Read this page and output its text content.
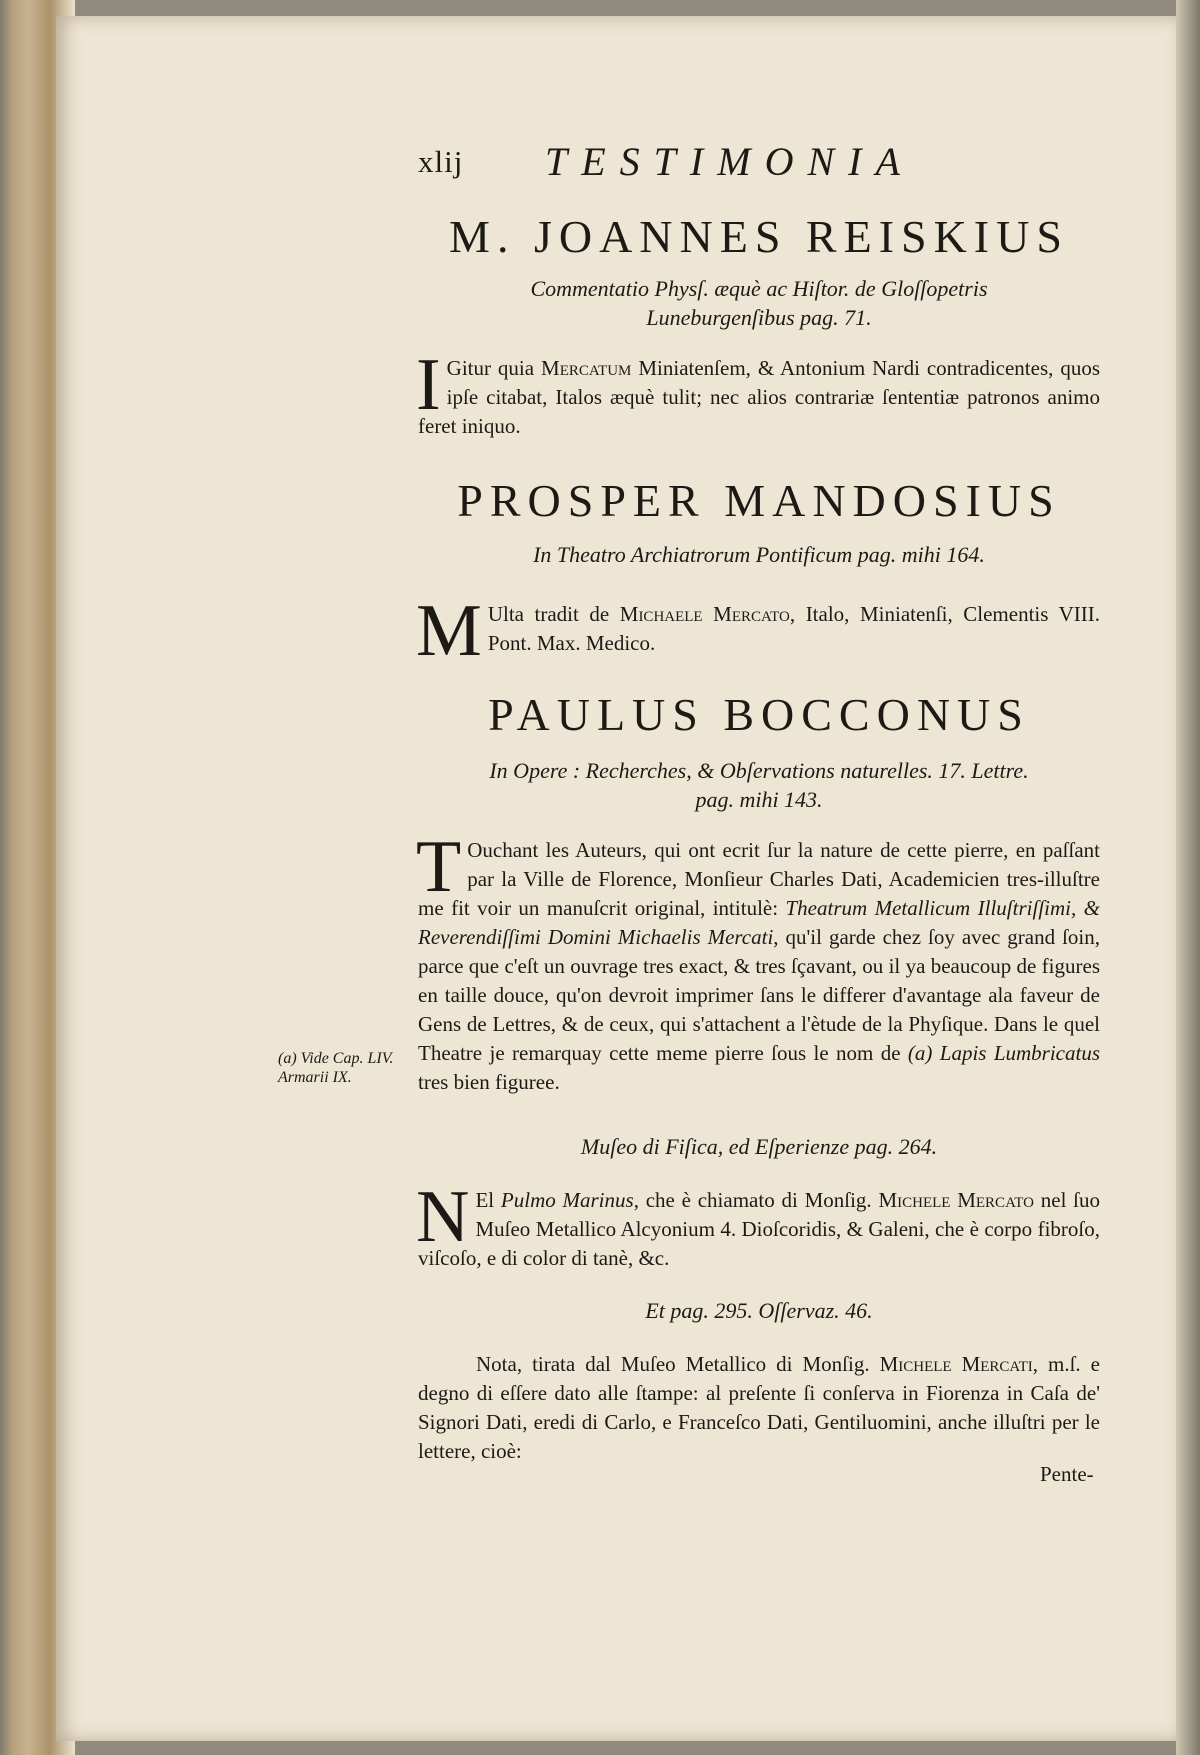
xlij TESTIMONIA
M. JOANNES REISKIUS
Commentatio Physſ. æquè ac Hiſtor. de Gloſſopetris
Luneburgenſibus pag. 71.
I Gitur quia Mercatum Miniatenſem, & Antonium Nardi contradicentes, quos ipſe citabat, Italos æquè tulit; nec alios contrariæ ſententiæ patronos animo feret iniquo.
PROSPER MANDOSIUS
In Theatro Archiatrorum Pontificum pag. mihi 164.
M Ulta tradit de Michaele Mercato, Italo, Miniatenſi, Clementis VIII. Pont. Max. Medico.
PAULUS BOCCONUS
In Opere : Recherches, & Obſervations naturelles. 17. Lettre.
pag. mihi 143.
T Ouchant les Auteurs, qui ont ecrit ſur la nature de cette pierre, en paſſant par la Ville de Florence, Monſieur Charles Dati, Academicien tres-illuſtre me fit voir un manuſcrit original, intitulè: Theatrum Metallicum Illuſtriſſimi, & Reverendiſſimi Domini Michaelis Mercati, qu'il garde chez ſoy avec grand ſoin, parce que c'eſt un ouvrage tres exact, & tres ſçavant, ou il ya beaucoup de figures en taille douce, qu'on devroit imprimer ſans le differer d'avantage ala faveur de Gens de Lettres, & de ceux, qui s'attachent a l'ètude de la Phyſique. Dans le quel Theatre je remarquay cette meme pierre ſous le nom de (a) Lapis Lumbricatus tres bien figuree.
(a) Vide Cap. LIV. Armarii IX.
Muſeo di Fiſica, ed Eſperienze pag. 264.
N El Pulmo Marinus, che è chiamato di Monſig. Michele Mercato nel ſuo Muſeo Metallico Alcyonium 4. Dioſcoridis, & Galeni, che è corpo fibroſo, viſcoſo, e di color di tanè, &c.
Et pag. 295. Oſſervaz. 46.
Nota, tirata dal Muſeo Metallico di Monſig. Michele Mercati, m.ſ. e degno di eſſere dato alle ſtampe: al preſente ſi conſerva in Fiorenza in Caſa de' Signori Dati, eredi di Carlo, e Franceſco Dati, Gentiluomini, anche illuſtri per le lettere, cioè:
Pente-
